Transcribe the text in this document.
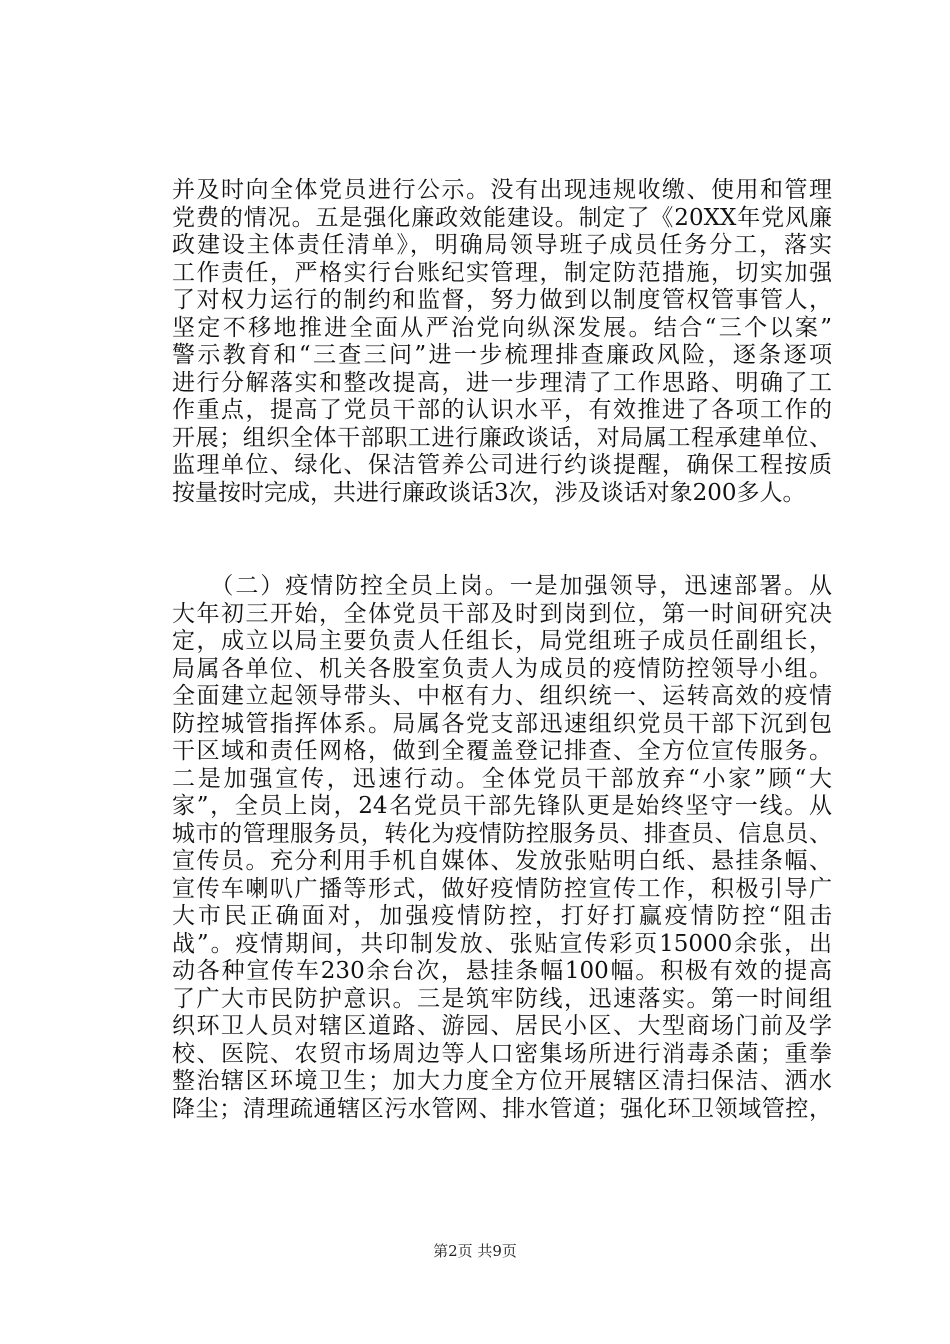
并及时向全体党员进行公示。没有出现违规收缴、使用和管理
党费的情况。五是强化廉政效能建设。制定了《20XX年党风廉
政建设主体责任清单》，明确局领导班子成员任务分工，落实
工作责任，严格实行台账纪实管理，制定防范措施，切实加强
了对权力运行的制约和监督，努力做到以制度管权管事管人，
坚定不移地推进全面从严治党向纵深发展。结合“三个以案”
警示教育和“三查三问”进一步梳理排查廉政风险，逐条逐项
进行分解落实和整改提高，进一步理清了工作思路、明确了工
作重点，提高了党员干部的认识水平，有效推进了各项工作的
开展；组织全体干部职工进行廉政谈话，对局属工程承建单位、
监理单位、绿化、保洁管养公司进行约谈提醒，确保工程按质
按量按时完成，共进行廉政谈话3次，涉及谈话对象200多人。
　　（二）疫情防控全员上岗。一是加强领导，迅速部署。从
大年初三开始，全体党员干部及时到岗到位，第一时间研究决
定，成立以局主要负责人任组长，局党组班子成员任副组长，
局属各单位、机关各股室负责人为成员的疫情防控领导小组。
全面建立起领导带头、中枢有力、组织统一、运转高效的疫情
防控城管指挥体系。局属各党支部迅速组织党员干部下沉到包
干区域和责任网格，做到全覆盖登记排查、全方位宣传服务。
二是加强宣传，迅速行动。全体党员干部放弃“小家”顾“大
家”，全员上岗，24名党员干部先锋队更是始终坚守一线。从
城市的管理服务员，转化为疫情防控服务员、排查员、信息员、
宣传员。充分利用手机自媒体、发放张贴明白纸、悬挂条幅、
宣传车喇叭广播等形式，做好疫情防控宣传工作，积极引导广
大市民正确面对，加强疫情防控，打好打赢疫情防控“阻击
战”。疫情期间，共印制发放、张贴宣传彩页15000余张，出
动各种宣传车230余台次，悬挂条幅100幅。积极有效的提高
了广大市民防护意识。三是筑牢防线，迅速落实。第一时间组
织环卫人员对辖区道路、游园、居民小区、大型商场门前及学
校、医院、农贸市场周边等人口密集场所进行消毒杀菌；重拳
整治辖区环境卫生；加大力度全方位开展辖区清扫保洁、洒水
降尘；清理疏通辖区污水管网、排水管道；强化环卫领域管控，
第2页 共9页
